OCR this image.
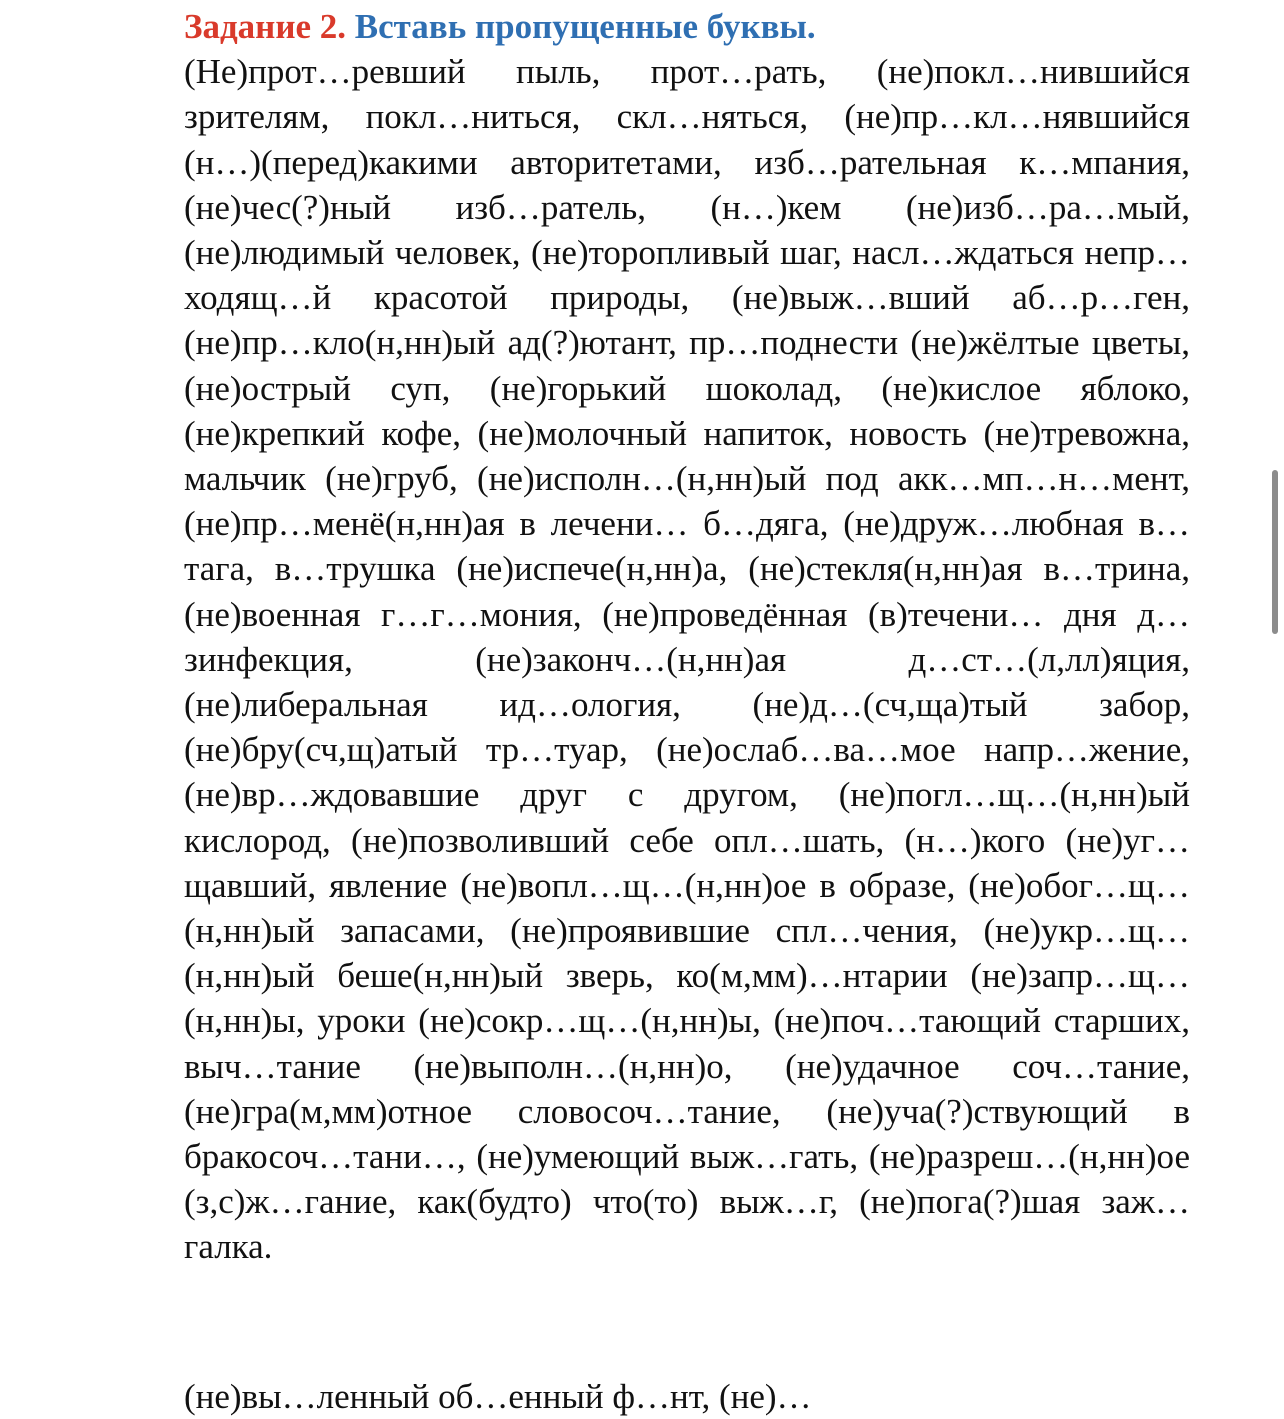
Задание 2. Вставь пропущенные буквы.

(Не)прот…ревший пыль, прот…рать, (не)покл…нившийся зрителям, покл…ниться, скл…няться, (не)пр…кл…нявшийся (н…)(перед)какими авторитетами, изб…рательная к…мпания, (не)чес(?)ный изб…ратель, (н…)кем (не)изб…ра…мый, (не)людимый человек, (не)торопливый шаг, насл…ждаться непр…ходящ…й красотой природы, (не)выж…вший аб…р…ген, (не)пр…кло(н,нн)ый ад(?)ютант, пр…поднести (не)жёлтые цветы, (не)острый суп, (не)горький шоколад, (не)кислое яблоко, (не)крепкий кофе, (не)молочный напиток, новость (не)тревожна, мальчик (не)груб, (не)исполн…(н,нн)ый под акк…мп…н…мент, (не)пр…менё(н,нн)ая в лечени… б…дяга, (не)друж…любная в…тага, в…трушка (не)испече(н,нн)а, (не)стекля(н,нн)ая в…трина, (не)военная г…г…мония, (не)проведённая (в)течени… дня д…зинфекция, (не)законч…(н,нн)ая д…ст…(л,лл)яция, (не)либеральная ид…ология, (не)д…(сч,ща)тый забор, (не)бру(сч,щ)атый тр…туар, (не)ослаб…ва…мое напр…жение, (не)вр…ждовавшие друг с другом, (не)погл…щ…(н,нн)ый кислород, (не)позволивший себе опл…шать, (н…)кого (не)уг…щавший, явление (не)вопл…щ…(н,нн)ое в образе, (не)обог…щ…(н,нн)ый запасами, (не)проявившие спл…чения, (не)укр…щ…(н,нн)ый беше(н,нн)ый зверь, ко(м,мм)…нтарии (не)запр…щ…(н,нн)ы, уроки (не)сокр…щ…(н,нн)ы, (не)поч…тающий старших, выч…тание (не)выполн…(н,нн)о, (не)удачное соч…тание, (не)гра(м,мм)отное словосоч…тание, (не)уча(?)ствующий в бракосоч…тани…, (не)умеющий выж…гать, (не)разреш…(н,нн)ое (з,с)ж…гание, как(будто) что(то) выж…г, (не)пога(?)шая заж…галка.

(не)вы…ленный об…енный ф…нт, (не)…
